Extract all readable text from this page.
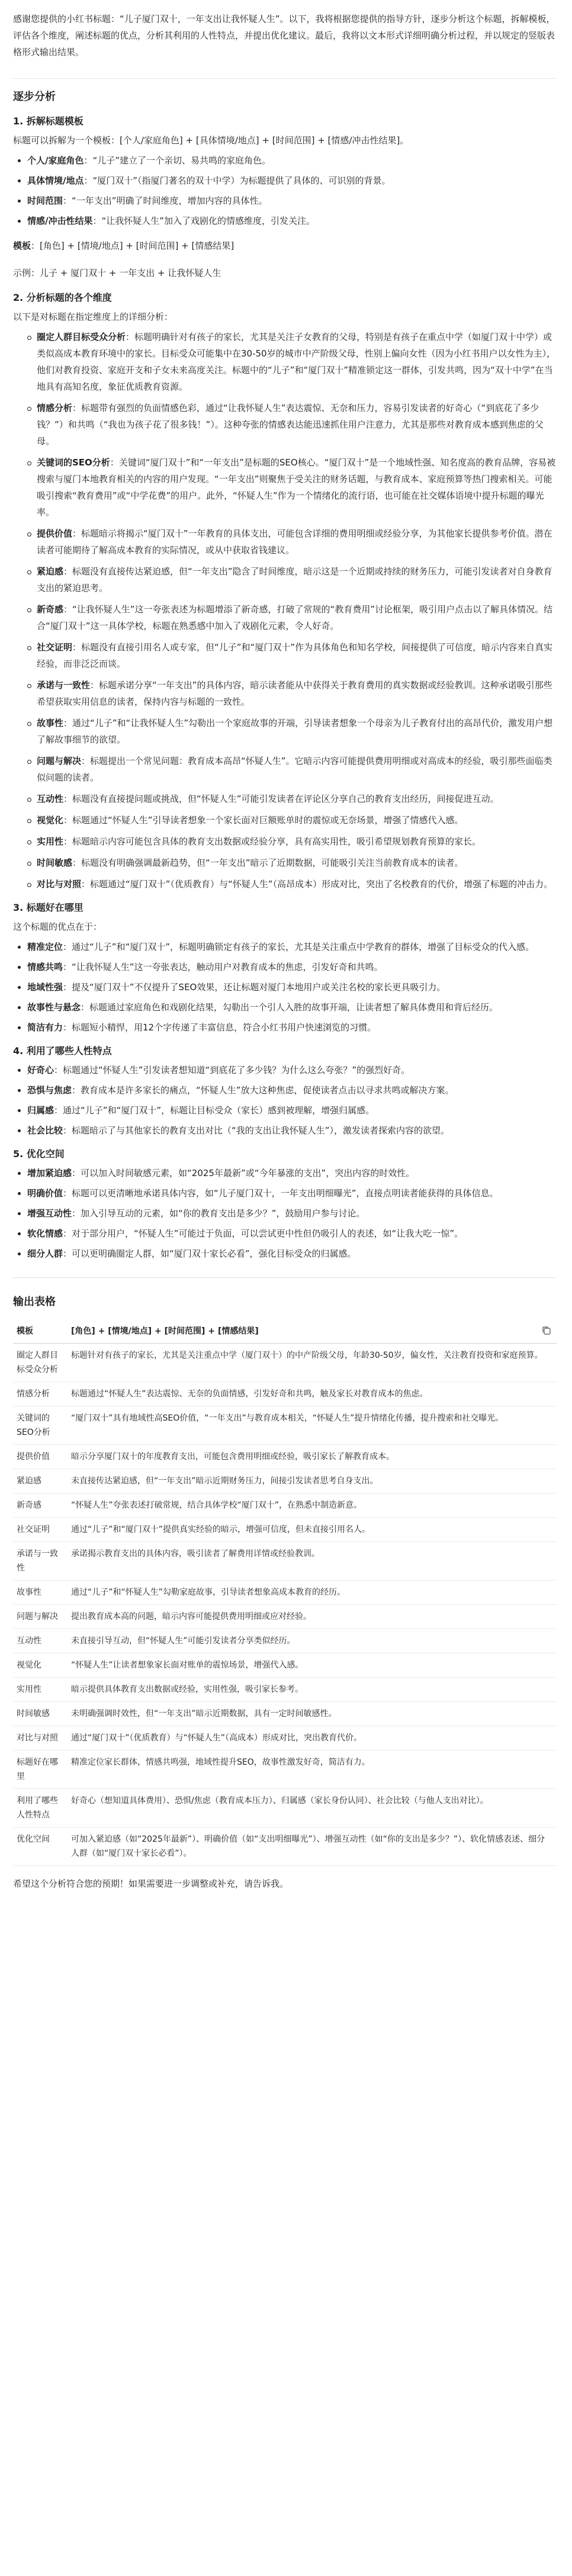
感谢您提供的小红书标题：“儿子厦门双十，一年支出让我怀疑人生”。以下，我将根据您提供的指导方针，逐步分析这个标题，拆解模板，评估各个维度，阐述标题的优点，分析其利用的人性特点，并提出优化建议。最后，我将以文本形式详细明确分析过程，并以规定的竖版表格形式输出结果。

逐步分析
1. 拆解标题模板

标题可以拆解为一个模板：[个人/家庭角色] + [具体情境/地点] + [时间范围] + [情感/冲击性结果]。

个人/家庭角色：“儿子”建立了一个亲切、易共鸣的家庭角色。
具体情境/地点：“厦门双十”（指厦门著名的双十中学）为标题提供了具体的、可识别的背景。
时间范围：“一年支出”明确了时间维度，增加内容的具体性。
情感/冲击性结果：“让我怀疑人生”加入了戏剧化的情感维度，引发关注。

模板：[角色] + [情境/地点] + [时间范围] + [情感结果]

示例：儿子 + 厦门双十 + 一年支出 + 让我怀疑人生

2. 分析标题的各个维度

以下是对标题在指定维度上的详细分析：

圈定人群目标受众分析：标题明确针对有孩子的家长，尤其是关注子女教育的父母，特别是有孩子在重点中学（如厦门双十中学）或类似高成本教育环境中的家长。目标受众可能集中在30-50岁的城市中产阶级父母，性别上偏向女性（因为小红书用户以女性为主），他们对教育投资、家庭开支和子女未来高度关注。标题中的“儿子”和“厦门双十”精准锁定这一群体，引发共鸣，因为“双十中学”在当地具有高知名度，象征优质教育资源。
情感分析：标题带有强烈的负面情感色彩，通过“让我怀疑人生”表达震惊、无奈和压力，容易引发读者的好奇心（“到底花了多少钱？”）和共鸣（“我也为孩子花了很多钱！”）。这种夸张的情感表达能迅速抓住用户注意力，尤其是那些对教育成本感到焦虑的父母。
关键词的SEO分析：关键词“厦门双十”和“一年支出”是标题的SEO核心。“厦门双十”是一个地域性强、知名度高的教育品牌，容易被搜索与厦门本地教育相关的内容的用户发现。“一年支出”则聚焦于受关注的财务话题，与教育成本、家庭预算等热门搜索相关。可能吸引搜索“教育费用”或“中学花费”的用户。此外，“怀疑人生”作为一个情绪化的流行语，也可能在社交媒体语境中提升标题的曝光率。
提供价值：标题暗示将揭示“厦门双十”一年教育的具体支出，可能包含详细的费用明细或经验分享，为其他家长提供参考价值。潜在读者可能期待了解高成本教育的实际情况，或从中获取省钱建议。
紧迫感：标题没有直接传达紧迫感，但“一年支出”隐含了时间维度，暗示这是一个近期或持续的财务压力，可能引发读者对自身教育支出的紧迫思考。
新奇感：“让我怀疑人生”这一夸张表述为标题增添了新奇感，打破了常规的“教育费用”讨论框架，吸引用户点击以了解具体情况。结合“厦门双十”这一具体学校，标题在熟悉感中加入了戏剧化元素，令人好奇。
社交证明：标题没有直接引用名人或专家，但“儿子”和“厦门双十”作为具体角色和知名学校，间接提供了可信度，暗示内容来自真实经验，而非泛泛而谈。
承诺与一致性：标题承诺分享“一年支出”的具体内容，暗示读者能从中获得关于教育费用的真实数据或经验教训。这种承诺吸引那些希望获取实用信息的读者，保持内容与标题的一致性。
故事性：通过“儿子”和“让我怀疑人生”勾勒出一个家庭故事的开端，引导读者想象一个母亲为儿子教育付出的高昂代价，激发用户想了解故事细节的欲望。
问题与解决：标题提出一个常见问题：教育成本高昂“怀疑人生”。它暗示内容可能提供费用明细或对高成本的经验，吸引那些面临类似问题的读者。
互动性：标题没有直接提问题或挑战，但“怀疑人生”可能引发读者在评论区分享自己的教育支出经历，间接促进互动。
视觉化：标题通过“怀疑人生”引导读者想象一个家长面对巨额账单时的震惊或无奈场景，增强了情感代入感。
实用性：标题暗示内容可能包含具体的教育支出数据或经验分享，具有高实用性，吸引希望规划教育预算的家长。
时间敏感：标题没有明确强调最新趋势，但“一年支出”暗示了近期数据，可能吸引关注当前教育成本的读者。
对比与对照：标题通过“厦门双十”（优质教育）与“怀疑人生”（高昂成本）形成对比，突出了名校教育的代价，增强了标题的冲击力。
3. 标题好在哪里

这个标题的优点在于：

精准定位：通过“儿子”和“厦门双十”，标题明确锁定有孩子的家长，尤其是关注重点中学教育的群体，增强了目标受众的代入感。
情感共鸣：“让我怀疑人生”这一夸张表达，触动用户对教育成本的焦虑，引发好奇和共鸣。
地域性强：提及“厦门双十”不仅提升了SEO效果，还让标题对厦门本地用户或关注名校的家长更具吸引力。
故事性与悬念：标题通过家庭角色和戏剧化结果，勾勒出一个引人入胜的故事开端，让读者想了解具体费用和背后经历。
简洁有力：标题短小精悍，用12个字传递了丰富信息，符合小红书用户快速浏览的习惯。
4. 利用了哪些人性特点
好奇心：标题通过“怀疑人生”引发读者想知道“到底花了多少钱？为什么这么夸张？”的强烈好奇。
恐惧与焦虑：教育成本是许多家长的痛点，“怀疑人生”放大这种焦虑，促使读者点击以寻求共鸣或解决方案。
归属感：通过“儿子”和“厦门双十”，标题让目标受众（家长）感到被理解，增强归属感。
社会比较：标题暗示了与其他家长的教育支出对比（“我的支出让我怀疑人生”），激发读者探索内容的欲望。
5. 优化空间
增加紧迫感：可以加入时间敏感元素，如“2025年最新”或“今年暴涨的支出”，突出内容的时效性。
明确价值：标题可以更清晰地承诺具体内容，如“儿子厦门双十，一年支出明细曝光”，直接点明读者能获得的具体信息。
增强互动性：加入引导互动的元素，如“你的教育支出是多少？”，鼓励用户参与讨论。
软化情感：对于部分用户，“怀疑人生”可能过于负面，可以尝试更中性但仍吸引人的表述，如“让我大吃一惊”。
细分人群：可以更明确圈定人群，如“厦门双十家长必看”，强化目标受众的归属感。
输出表格
模板	[角色] + [情境/地点] + [时间范围] + [情感结果]

圈定人群目标受众分析	标题针对有孩子的家长，尤其是关注重点中学（厦门双十）的中产阶级父母，年龄30-50岁，偏女性，关注教育投资和家庭预算。
情感分析	标题通过“怀疑人生”表达震惊、无奈的负面情感，引发好奇和共鸣，触及家长对教育成本的焦虑。
关键词的SEO分析	“厦门双十”具有地域性高SEO价值，“一年支出”与教育成本相关，“怀疑人生”提升情绪化传播，提升搜索和社交曝光。
提供价值	暗示分享厦门双十的年度教育支出，可能包含费用明细或经验，吸引家长了解教育成本。
紧迫感	未直接传达紧迫感，但“一年支出”暗示近期财务压力，间接引发读者思考自身支出。
新奇感	“怀疑人生”夸张表述打破常规，结合具体学校“厦门双十”，在熟悉中制造新意。
社交证明	通过“儿子”和“厦门双十”提供真实经验的暗示，增强可信度，但未直接引用名人。
承诺与一致性	承诺揭示教育支出的具体内容，吸引读者了解费用详情或经验教训。
故事性	通过“儿子”和“怀疑人生”勾勒家庭故事，引导读者想象高成本教育的经历。
问题与解决	提出教育成本高的问题，暗示内容可能提供费用明细或应对经验。
互动性	未直接引导互动，但“怀疑人生”可能引发读者分享类似经历。
视觉化	“怀疑人生”让读者想象家长面对账单的震惊场景，增强代入感。
实用性	暗示提供具体教育支出数据或经验，实用性强，吸引家长参考。
时间敏感	未明确强调时效性，但“一年支出”暗示近期数据，具有一定时间敏感性。
对比与对照	通过“厦门双十”（优质教育）与“怀疑人生”（高成本）形成对比，突出教育代价。
标题好在哪里	精准定位家长群体，情感共鸣强，地域性提升SEO，故事性激发好奇，简洁有力。
利用了哪些人性特点	好奇心（想知道具体费用）、恐惧/焦虑（教育成本压力）、归属感（家长身份认同）、社会比较（与他人支出对比）。
优化空间	可加入紧迫感（如“2025年最新”）、明确价值（如“支出明细曝光”）、增强互动性（如“你的支出是多少？”）、软化情感表述、细分人群（如“厦门双十家长必看”）。

希望这个分析符合您的预期！如果需要进一步调整或补充，请告诉我。
